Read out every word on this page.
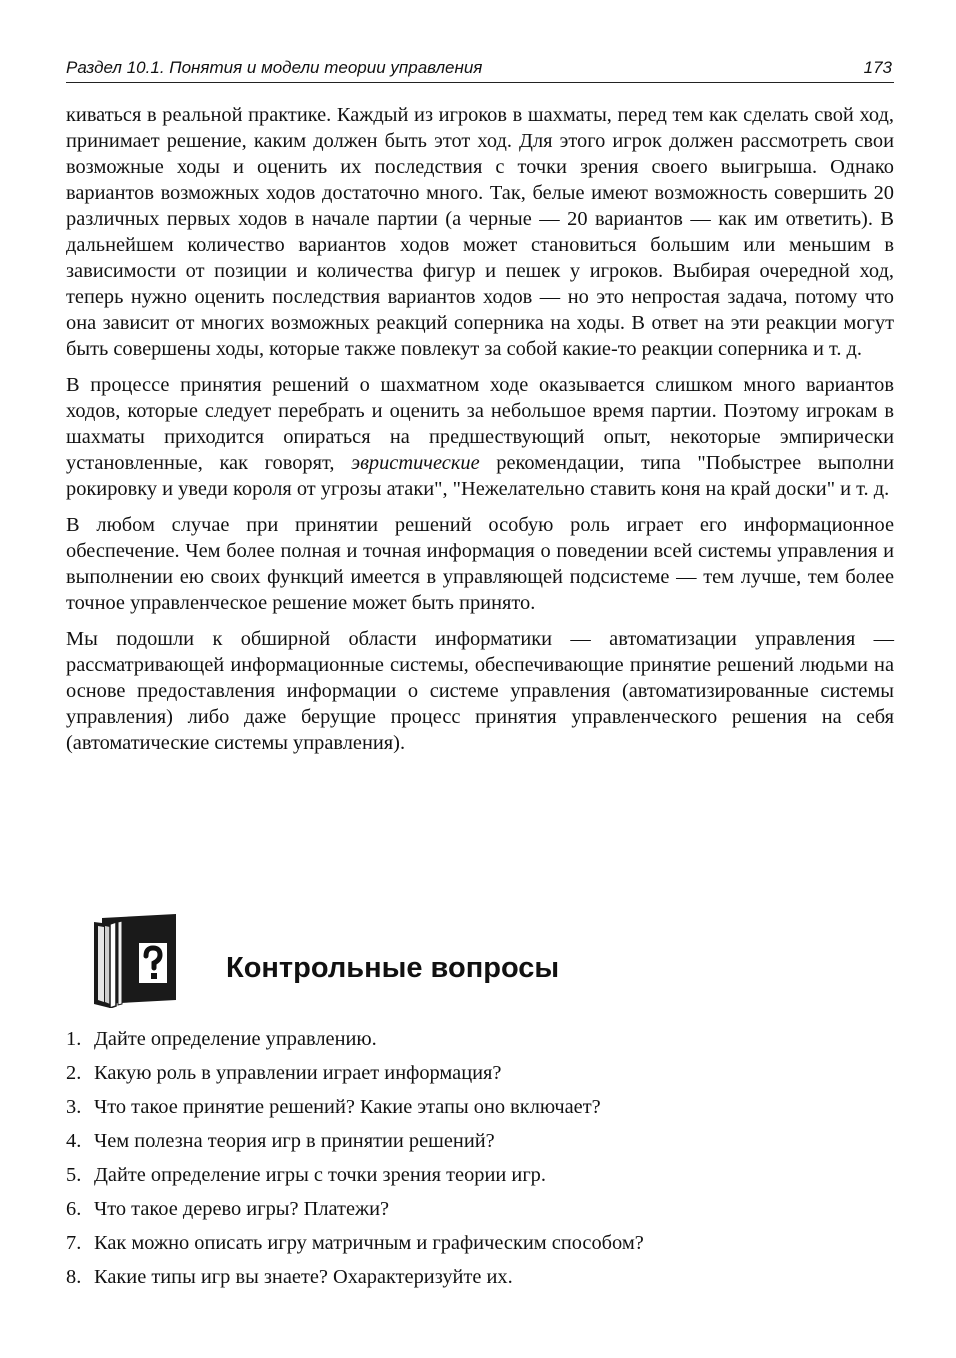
Раздел 10.1. Понятия и модели теории управления	173

киваться в реальной практике. Каждый из игроков в шахматы, перед тем как сделать свой ход, принимает решение, каким должен быть этот ход. Для этого игрок должен рассмотреть свои возможные ходы и оценить их последствия с точки зрения своего выигрыша. Однако вариантов возможных ходов достаточно много. Так, белые имеют возможность совершить 20 различных первых ходов в начале партии (а черные — 20 вариантов — как им ответить). В дальнейшем количество вариантов ходов может становиться большим или меньшим в зависимости от позиции и количества фигур и пешек у игроков. Выбирая очередной ход, теперь нужно оценить последствия вариантов ходов — но это непростая задача, потому что она зависит от многих возможных реакций соперника на ходы. В ответ на эти реакции могут быть совершены ходы, которые также повлекут за собой какие-то реакции соперника и т. д.

В процессе принятия решений о шахматном ходе оказывается слишком много вариантов ходов, которые следует перебрать и оценить за небольшое время партии. Поэтому игрокам в шахматы приходится опираться на предшествующий опыт, некоторые эмпирически установленные, как говорят, эвристические рекомендации, типа "Побыстрее выполни рокировку и уведи короля от угрозы атаки", "Нежелательно ставить коня на край доски" и т. д.

В любом случае при принятии решений особую роль играет его информационное обеспечение. Чем более полная и точная информация о поведении всей системы управления и выполнении ею своих функций имеется в управляющей подсистеме — тем лучше, тем более точное управленческое решение может быть принято.

Мы подошли к обширной области информатики — автоматизации управления — рассматривающей информационные системы, обеспечивающие принятие решений людьми на основе предоставления информации о системе управления (автоматизированные системы управления) либо даже берущие процесс принятия управленческого решения на себя (автоматические системы управления).

Контрольные вопросы
1. Дайте определение управлению.
2. Какую роль в управлении играет информация?
3. Что такое принятие решений? Какие этапы оно включает?
4. Чем полезна теория игр в принятии решений?
5. Дайте определение игры с точки зрения теории игр.
6. Что такое дерево игры? Платежи?
7. Как можно описать игру матричным и графическим способом?
8. Какие типы игр вы знаете? Охарактеризуйте их.
